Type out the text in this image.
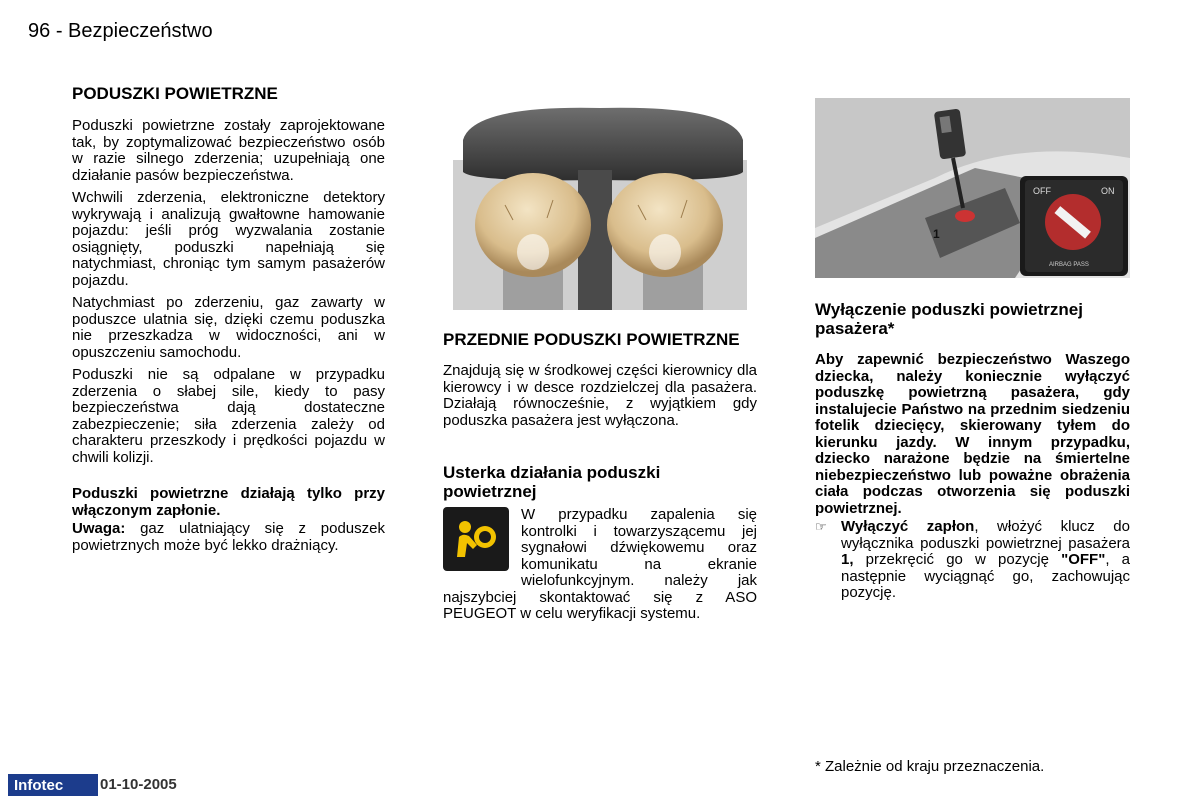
96 - Bezpieczeństwo
PODUSZKI POWIETRZNE

Poduszki powietrzne zostały zaprojektowane tak, by zoptymalizować bezpieczeństwo osób w razie silnego zderzenia; uzupełniają one działanie pasów bezpieczeństwa.

Wchwili zderzenia, elektroniczne detektory wykrywają i analizują gwałtowne hamowanie pojazdu: jeśli próg wyzwalania zostanie osiągnięty, poduszki napełniają się natychmiast, chroniąc tym samym pasażerów pojazdu.

Natychmiast po zderzeniu, gaz zawarty w poduszce ulatnia się, dzięki czemu poduszka nie przeszkadza w widoczności, ani w opuszczeniu samochodu.

Poduszki nie są odpalane w przypadku zderzenia o słabej sile, kiedy to pasy bezpieczeństwa dają dostateczne zabezpieczenie; siła zderzenia zależy od charakteru przeszkody i prędkości pojazdu w chwili kolizji.

Poduszki powietrzne działają tylko przy włączonym zapłonie.

Uwaga: gaz ulatniający się z poduszek powietrznych może być lekko drażniący.

PRZEDNIE PODUSZKI POWIETRZNE

Znajdują się w środkowej części kierownicy dla kierowcy i w desce rozdzielczej dla pasażera. Działają równocześnie, z wyjątkiem gdy poduszka pasażera jest wyłączona.

Usterka działania poduszki powietrznej

W przypadku zapalenia się kontrolki i towarzyszącemu jej sygnałowi dźwiękowemu oraz komunikatu na ekranie wielofunkcyjnym. należy jak najszybciej skontaktować się z ASO PEUGEOT w celu weryfikacji systemu.

1
OFF	ON
AIRBAG PASS
Wyłączenie poduszki powietrznej pasażera*
Aby zapewnić bezpieczeństwo Waszego dziecka, należy koniecznie wyłączyć poduszkę powietrzną pasażera, gdy instalujecie Państwo na przednim siedzeniu fotelik dziecięcy, skierowany tyłem do kierunku jazdy. W innym przypadku, dziecko narażone będzie na śmiertelne niebezpieczeństwo lub poważne obrażenia ciała podczas otworzenia się poduszki powietrznej.
☞ Wyłączyć zapłon, włożyć klucz do wyłącznika poduszki powietrznej pasażera 1, przekręcić go w pozycję "OFF", a następnie wyciągnąć go, zachowując pozycję.
* Zależnie od kraju przeznaczenia.
Infotec 01-10-2005
